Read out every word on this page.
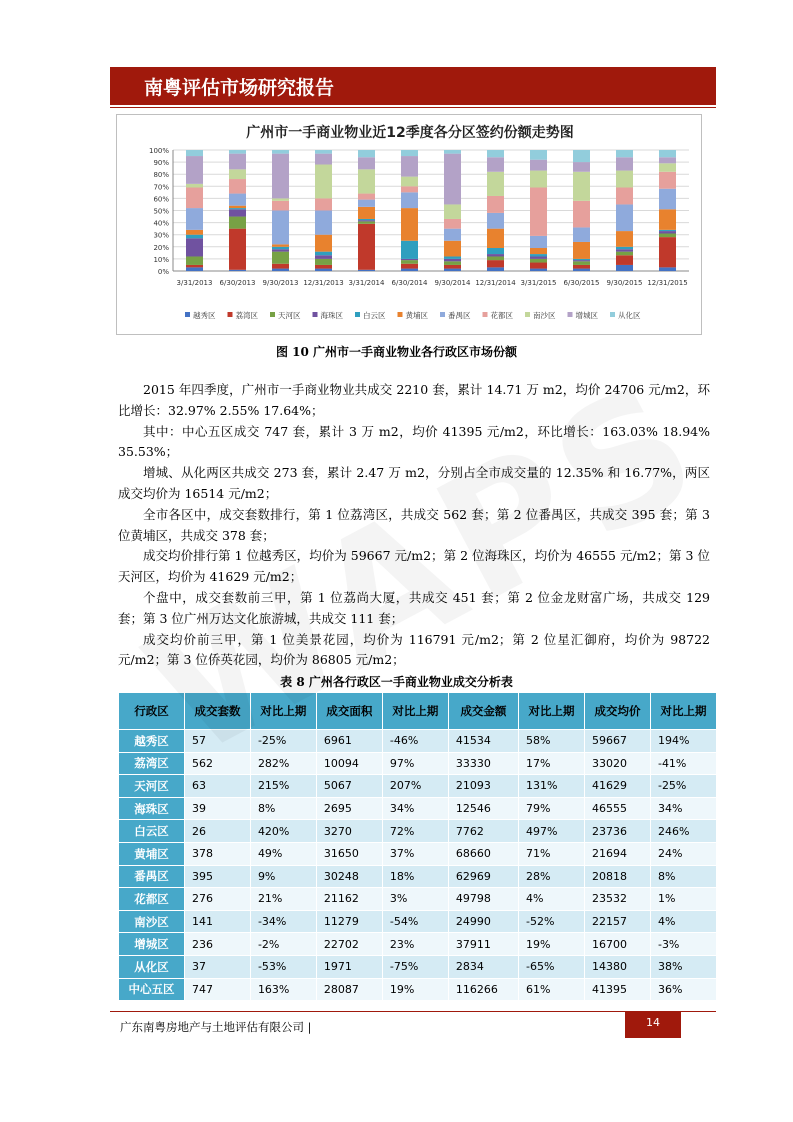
南粤评估市场研究报告
广州市一手商业物业近12季度各分区签约份额走势图
0%
10%
20%
30%
40%
50%
60%
70%
80%
90%
100%
3/31/2013 6/30/2013 9/30/2013 12/31/2013 3/31/2014 6/30/2014 9/30/2014 12/31/2014 3/31/2015 6/30/2015 9/30/2015 12/31/2015
越秀区	荔湾区	天河区	海珠区	白云区	黄埔区	番禺区	花都区	南沙区	增城区	从化区
图 10 广州市一手商业物业各行政区市场份额

2015 年四季度，广州市一手商业物业共成交 2210 套，累计 14.71 万 m2，均价 24706 元/m2，环比增长：32.97% 2.55% 17.64%；

其中：中心五区成交 747 套，累计 3 万 m2，均价 41395 元/m2，环比增长：163.03% 18.94% 35.53%；

增城、从化两区共成交 273 套，累计 2.47 万 m2，分别占全市成交量的 12.35% 和 16.77%，两区成交均价为 16514 元/m2；

全市各区中，成交套数排行，第 1 位荔湾区，共成交 562 套；第 2 位番禺区，共成交 395 套；第 3 位黄埔区，共成交 378 套；

成交均价排行第 1 位越秀区，均价为 59667 元/m2；第 2 位海珠区，均价为 46555 元/m2；第 3 位天河区，均价为 41629 元/m2；

个盘中，成交套数前三甲，第 1 位荔尚大厦，共成交 451 套；第 2 位金龙财富广场，共成交 129 套；第 3 位广州万达文化旅游城，共成交 111 套；

成交均价前三甲，第 1 位美景花园，均价为 116791 元/m2；第 2 位星汇御府，均价为 98722 元/m2；第 3 位侨英花园，均价为 86805 元/m2；

表 8 广州各行政区一手商业物业成交分析表
行政区	成交套数	对比上期	成交面积	对比上期	成交金额	对比上期	成交均价	对比上期
越秀区	57	-25%	6961	-46%	41534	58%	59667	194%
荔湾区	562	282%	10094	97%	33330	17%	33020	-41%
天河区	63	215%	5067	207%	21093	131%	41629	-25%
海珠区	39	8%	2695	34%	12546	79%	46555	34%
白云区	26	420%	3270	72%	7762	497%	23736	246%
黄埔区	378	49%	31650	37%	68660	71%	21694	24%
番禺区	395	9%	30248	18%	62969	28%	20818	8%
花都区	276	21%	21162	3%	49798	4%	23532	1%
南沙区	141	-34%	11279	-54%	24990	-52%	22157	4%
增城区	236	-2%	22702	23%	37911	19%	16700	-3%
从化区	37	-53%	1971	-75%	2834	-65%	14380	38%
中心五区	747	163%	28087	19%	116266	61%	41395	36%
广东南粤房地产与土地评估有限公司 |	14
